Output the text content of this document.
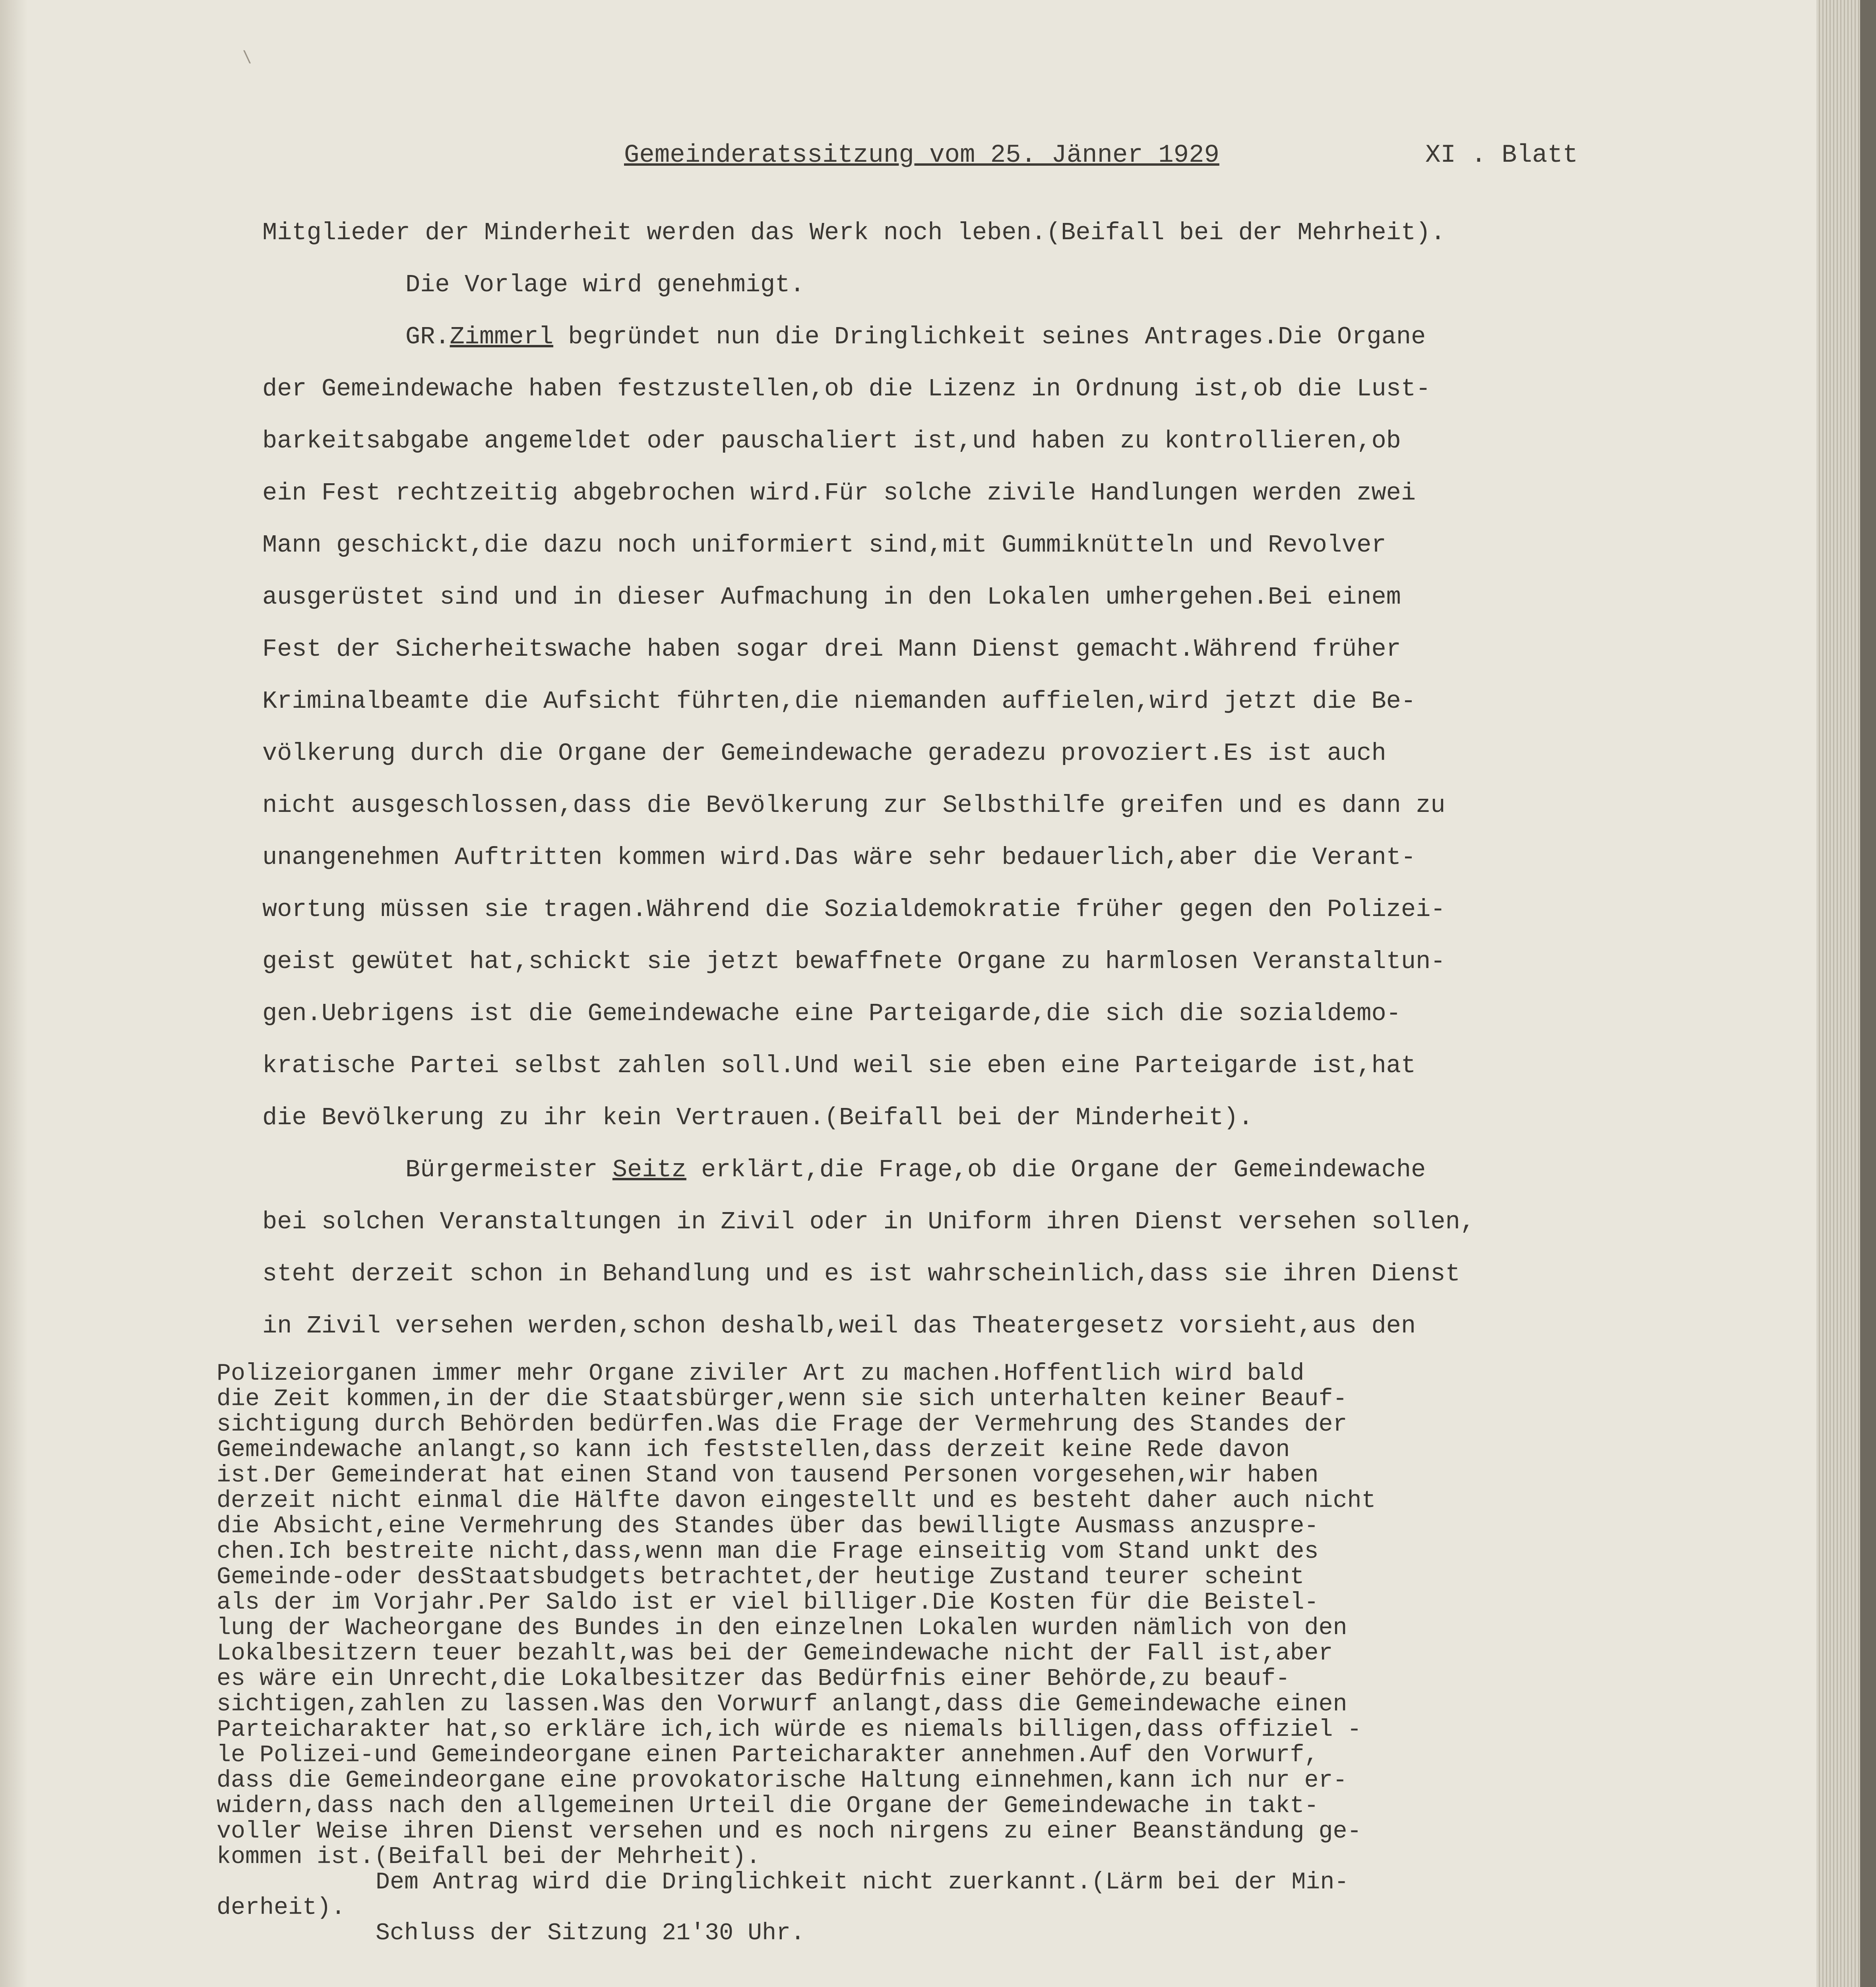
\
Gemeinderatssitzung vom 25. Jänner 1929	XI . Blatt
Mitglieder der Minderheit werden das Werk noch leben.(Beifall bei der Mehrheit).
Die Vorlage wird genehmigt.
GR.Zimmerl begründet nun die Dringlichkeit seines Antrages.Die Organe
der Gemeindewache haben festzustellen,ob die Lizenz in Ordnung ist,ob die Lust-
barkeitsabgabe angemeldet oder pauschaliert ist,und haben zu kontrollieren,ob
ein Fest rechtzeitig abgebrochen wird.Für solche zivile Handlungen werden zwei
Mann geschickt,die dazu noch uniformiert sind,mit Gummiknütteln und Revolver
ausgerüstet sind und in dieser Aufmachung in den Lokalen umhergehen.Bei einem
Fest der Sicherheitswache haben sogar drei Mann Dienst gemacht.Während früher
Kriminalbeamte die Aufsicht führten,die niemanden auffielen,wird jetzt die Be-
völkerung durch die Organe der Gemeindewache geradezu provoziert.Es ist auch
nicht ausgeschlossen,dass die Bevölkerung zur Selbsthilfe greifen und es dann zu
unangenehmen Auftritten kommen wird.Das wäre sehr bedauerlich,aber die Verant-
wortung müssen sie tragen.Während die Sozialdemokratie früher gegen den Polizei-
geist gewütet hat,schickt sie jetzt bewaffnete Organe zu harmlosen Veranstaltun-
gen.Uebrigens ist die Gemeindewache eine Parteigarde,die sich die sozialdemo-
kratische Partei selbst zahlen soll.Und weil sie eben eine Parteigarde ist,hat
die Bevölkerung zu ihr kein Vertrauen.(Beifall bei der Minderheit).
Bürgermeister Seitz erklärt,die Frage,ob die Organe der Gemeindewache
bei solchen Veranstaltungen in Zivil oder in Uniform ihren Dienst versehen sollen,
steht derzeit schon in Behandlung und es ist wahrscheinlich,dass sie ihren Dienst
in Zivil versehen werden,schon deshalb,weil das Theatergesetz vorsieht,aus den
Polizeiorganen immer mehr Organe ziviler Art zu machen.Hoffentlich wird bald
die Zeit kommen,in der die Staatsbürger,wenn sie sich unterhalten keiner Beauf-
sichtigung durch Behörden bedürfen.Was die Frage der Vermehrung des Standes der
Gemeindewache anlangt,so kann ich feststellen,dass derzeit keine Rede davon
ist.Der Gemeinderat hat einen Stand von tausend Personen vorgesehen,wir haben
derzeit nicht einmal die Hälfte davon eingestellt und es besteht daher auch nicht
die Absicht,eine Vermehrung des Standes über das bewilligte Ausmass anzuspre-
chen.Ich bestreite nicht,dass,wenn man die Frage einseitig vom Stand unkt des
Gemeinde-oder desStaatsbudgets betrachtet,der heutige Zustand teurer scheint
als der im Vorjahr.Per Saldo ist er viel billiger.Die Kosten für die Beistel-
lung der Wacheorgane des Bundes in den einzelnen Lokalen wurden nämlich von den
Lokalbesitzern teuer bezahlt,was bei der Gemeindewache nicht der Fall ist,aber
es wäre ein Unrecht,die Lokalbesitzer das Bedürfnis einer Behörde,zu beauf-
sichtigen,zahlen zu lassen.Was den Vorwurf anlangt,dass die Gemeindewache einen
Parteicharakter hat,so erkläre ich,ich würde es niemals billigen,dass offiziel -
le Polizei-und Gemeindeorgane einen Parteicharakter annehmen.Auf den Vorwurf,
dass die Gemeindeorgane eine provokatorische Haltung einnehmen,kann ich nur er-
widern,dass nach den allgemeinen Urteil die Organe der Gemeindewache in takt-
voller Weise ihren Dienst versehen und es noch nirgens zu einer Beanständung ge-
kommen ist.(Beifall bei der Mehrheit).
Dem Antrag wird die Dringlichkeit nicht zuerkannt.(Lärm bei der Min-
derheit).
Schluss der Sitzung 21'30 Uhr.
